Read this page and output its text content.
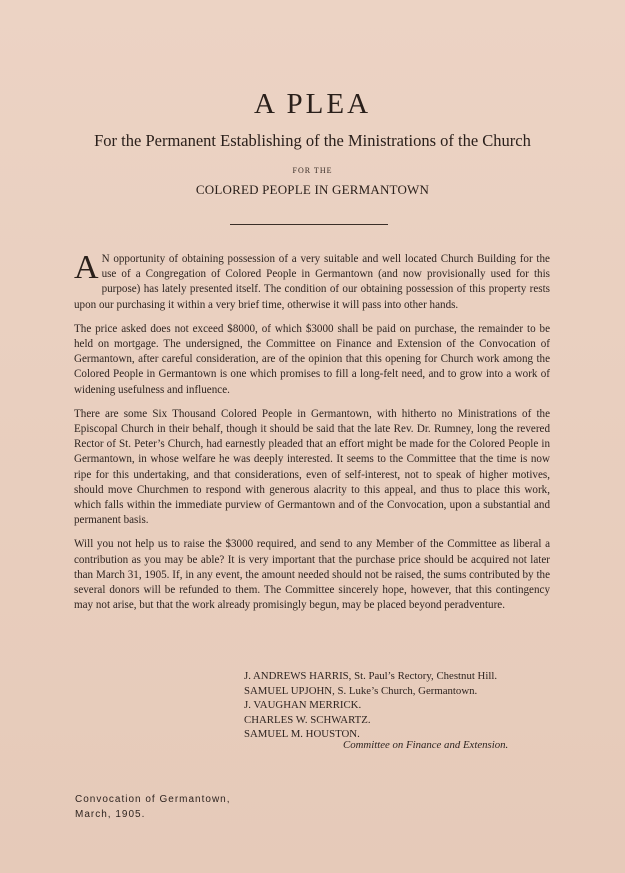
A PLEA
For the Permanent Establishing of the Ministrations of the Church
FOR THE
COLORED PEOPLE IN GERMANTOWN

A N opportunity of obtaining possession of a very suitable and well located Church Building for the use of a Congregation of Colored People in Germantown (and now provisionally used for this purpose) has lately presented itself. The condition of our obtaining possession of this property rests upon our purchasing it within a very brief time, otherwise it will pass into other hands.

The price asked does not exceed $8000, of which $3000 shall be paid on purchase, the remainder to be held on mortgage. The undersigned, the Committee on Finance and Extension of the Convocation of Germantown, after careful consideration, are of the opinion that this opening for Church work among the Colored People in Germantown is one which promises to fill a long-felt need, and to grow into a work of widening usefulness and influence.

There are some Six Thousand Colored People in Germantown, with hitherto no Ministrations of the Episcopal Church in their behalf, though it should be said that the late Rev. Dr. Rumney, long the revered Rector of St. Peter’s Church, had earnestly pleaded that an effort might be made for the Colored People in Germantown, in whose welfare he was deeply interested. It seems to the Committee that the time is now ripe for this undertaking, and that considerations, even of self-interest, not to speak of higher motives, should move Churchmen to respond with generous alacrity to this appeal, and thus to place this work, which falls within the immediate purview of Germantown and of the Convocation, upon a substantial and permanent basis.

Will you not help us to raise the $3000 required, and send to any Member of the Committee as liberal a contribution as you may be able? It is very important that the purchase price should be acquired not later than March 31, 1905. If, in any event, the amount needed should not be raised, the sums contributed by the several donors will be refunded to them. The Committee sincerely hope, however, that this contingency may not arise, but that the work already promisingly begun, may be placed beyond peradventure.

J. ANDREWS HARRIS, St. Paul’s Rectory, Chestnut Hill.
SAMUEL UPJOHN, S. Luke’s Church, Germantown.
J. VAUGHAN MERRICK.
CHARLES W. SCHWARTZ.
SAMUEL M. HOUSTON.
Committee on Finance and Extension.
Convocation of Germantown,
March, 1905.
